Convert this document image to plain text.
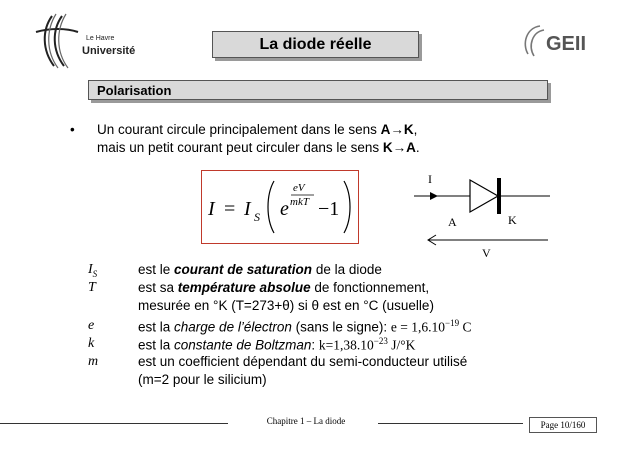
Le Havre
Université	GEII
La diode réelle
Polarisation
• Un courant circule principalement dans le sens A→K,
mais un petit courant peut circuler dans le sens K→A.
I = I S e
eV
mkT −1
I
A	K
V
$I_S$	est le courant de saturation de la diode
T	est sa température absolue de fonctionnement,
mesurée en °K (T=273+θ) si θ est en °C (usuelle)
e	est la charge de l’électron (sans le signe): $e = 1,6.10^{-19}$ C
k	est la constante de Boltzman: $k=1,38.10^{-23}$ J/°K
m	est un coefficient dépendant du semi-conducteur utilisé
(m=2 pour le silicium)
Chapitre 1 – La diode	Page 10/160
